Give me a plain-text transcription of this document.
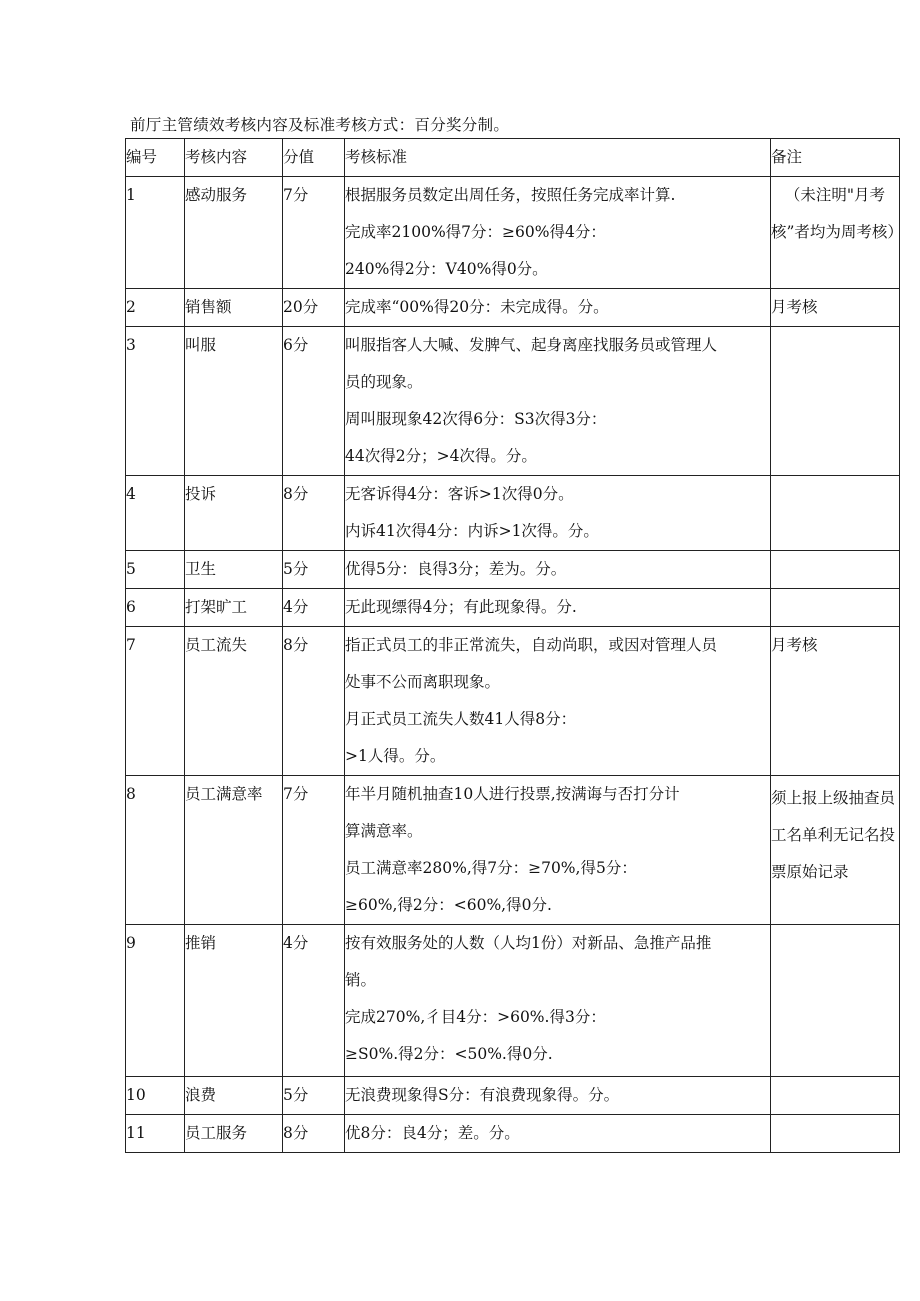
前厅主管绩效考核内容及标准考核方式：百分奖分制。
编号	考核内容	分值	考核标准	备注
1	感动服务	7分	根据服务员数定出周任务，按照任务完成率计算.
完成率2100%得7分：≥60%得4分：
240%得2分：V40%得0分。	（未注明"月考核”者均为周考核）
2	销售额	20分	完成率“00%得20分：未完成得。分。	月考核
3	叫服	6分	叫服指客人大喊、发脾气、起身离座找服务员或管理人
员的现象。
周叫服现象42次得6分：S3次得3分：
44次得2分；>4次得。分。	

4	投诉	8分	无客诉得4分：客诉>1次得0分。
内诉41次得4分：内诉>1次得。分。	

5	卫生	5分	优得5分：良得3分；差为。分。	

6	打架旷工	4分	无此现缥得4分；有此现象得。分.	

7	员工流失	8分	指正式员工的非正常流失，自动尚职，或因对管理人员
处事不公而离职现象。
月正式员工流失人数41人得8分：
>1人得。分。	月考核
8	员工满意率	7分	年半月随机抽查10人进行投票,按满诲与否打分计
算满意率。
员工满意率280%,得7分：≥70%,得5分：
≥60%,得2分：<60%,得0分.	须上报上级抽查员工名单利无记名投票原始记录
9	推销	4分	按有效服务处的人数（人均1份）对新品、急推产品推
销。
完成270%,彳目4分：>60%.得3分：
≥S0%.得2分：<50%.得0分.	

10	浪费	5分	无浪费现象得S分：有浪费现象得。分。	

11	员工服务	8分	优8分：良4分；差。分。	
